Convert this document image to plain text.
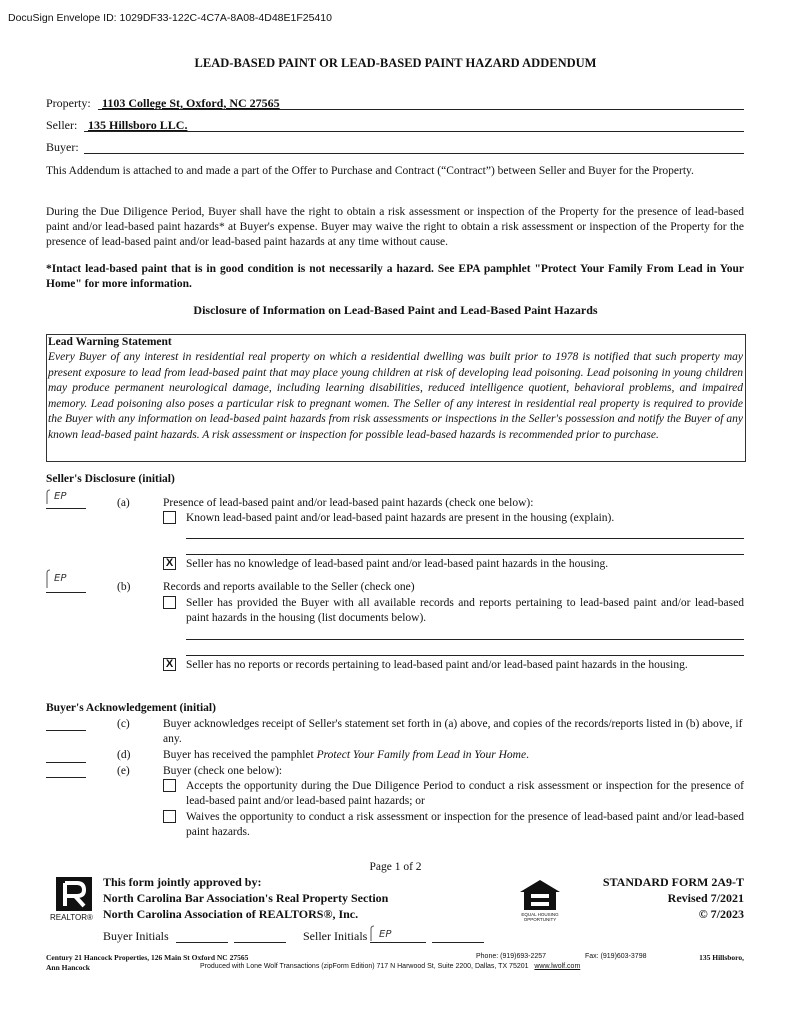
DocuSign Envelope ID: 1029DF33-122C-4C7A-8A08-4D48E1F25410
LEAD-BASED PAINT OR LEAD-BASED PAINT HAZARD ADDENDUM
Property: 1103 College St, Oxford, NC 27565
Seller: 135 Hillsboro LLC.
Buyer:
This Addendum is attached to and made a part of the Offer to Purchase and Contract (“Contract”) between Seller and Buyer for the Property.
During the Due Diligence Period, Buyer shall have the right to obtain a risk assessment or inspection of the Property for the presence of lead-based paint and/or lead-based paint hazards* at Buyer's expense. Buyer may waive the right to obtain a risk assessment or inspection of the Property for the presence of lead-based paint and/or lead-based paint hazards at any time without cause.
*Intact lead-based paint that is in good condition is not necessarily a hazard. See EPA pamphlet "Protect Your Family From Lead in Your Home" for more information.
Disclosure of Information on Lead-Based Paint and Lead-Based Paint Hazards
Lead Warning Statement
Every Buyer of any interest in residential real property on which a residential dwelling was built prior to 1978 is notified that such property may present exposure to lead from lead-based paint that may place young children at risk of developing lead poisoning. Lead poisoning in young children may produce permanent neurological damage, including learning disabilities, reduced intelligence quotient, behavioral problems, and impaired memory. Lead poisoning also poses a particular risk to pregnant women. The Seller of any interest in residential real property is required to provide the Buyer with any information on lead-based paint hazards from risk assessments or inspections in the Seller's possession and notify the Buyer of any known lead-based paint hazards. A risk assessment or inspection for possible lead-based hazards is recommended prior to purchase.
Seller's Disclosure (initial)
EP
(a)	Presence of lead-based paint and/or lead-based paint hazards (check one below):
Known lead-based paint and/or lead-based paint hazards are present in the housing (explain).
X Seller has no knowledge of lead-based paint and/or lead-based paint hazards in the housing.
EP
(b)	Records and reports available to the Seller (check one)
Seller has provided the Buyer with all available records and reports pertaining to lead-based paint and/or lead-based paint hazards in the housing (list documents below).
X Seller has no reports or records pertaining to lead-based paint and/or lead-based paint hazards in the housing.
Buyer's Acknowledgement (initial)
(c)	Buyer acknowledges receipt of Seller's statement set forth in (a) above, and copies of the records/reports listed in (b) above, if any.
(d)	Buyer has received the pamphlet Protect Your Family from Lead in Your Home.
(e)	Buyer (check one below):
Accepts the opportunity during the Due Diligence Period to conduct a risk assessment or inspection for the presence of lead-based paint and/or lead-based paint hazards; or
Waives the opportunity to conduct a risk assessment or inspection for the presence of lead-based paint and/or lead-based paint hazards.
Page 1 of 2
REALTOR®
This form jointly approved by:
North Carolina Bar Association's Real Property Section
North Carolina Association of REALTORS®, Inc.	EQUAL HOUSING OPPORTUNITY
STANDARD FORM 2A9-T
Revised 7/2021
© 7/2023
Buyer Initials	Seller Initials EP
Century 21 Hancock Properties, 126 Main St Oxford NC 27565
Ann Hancock
Phone: (919)693-2257	Fax: (919)603-3798	135 Hillsboro,
Produced with Lone Wolf Transactions (zipForm Edition) 717 N Harwood St, Suite 2200, Dallas, TX 75201 www.lwolf.com
